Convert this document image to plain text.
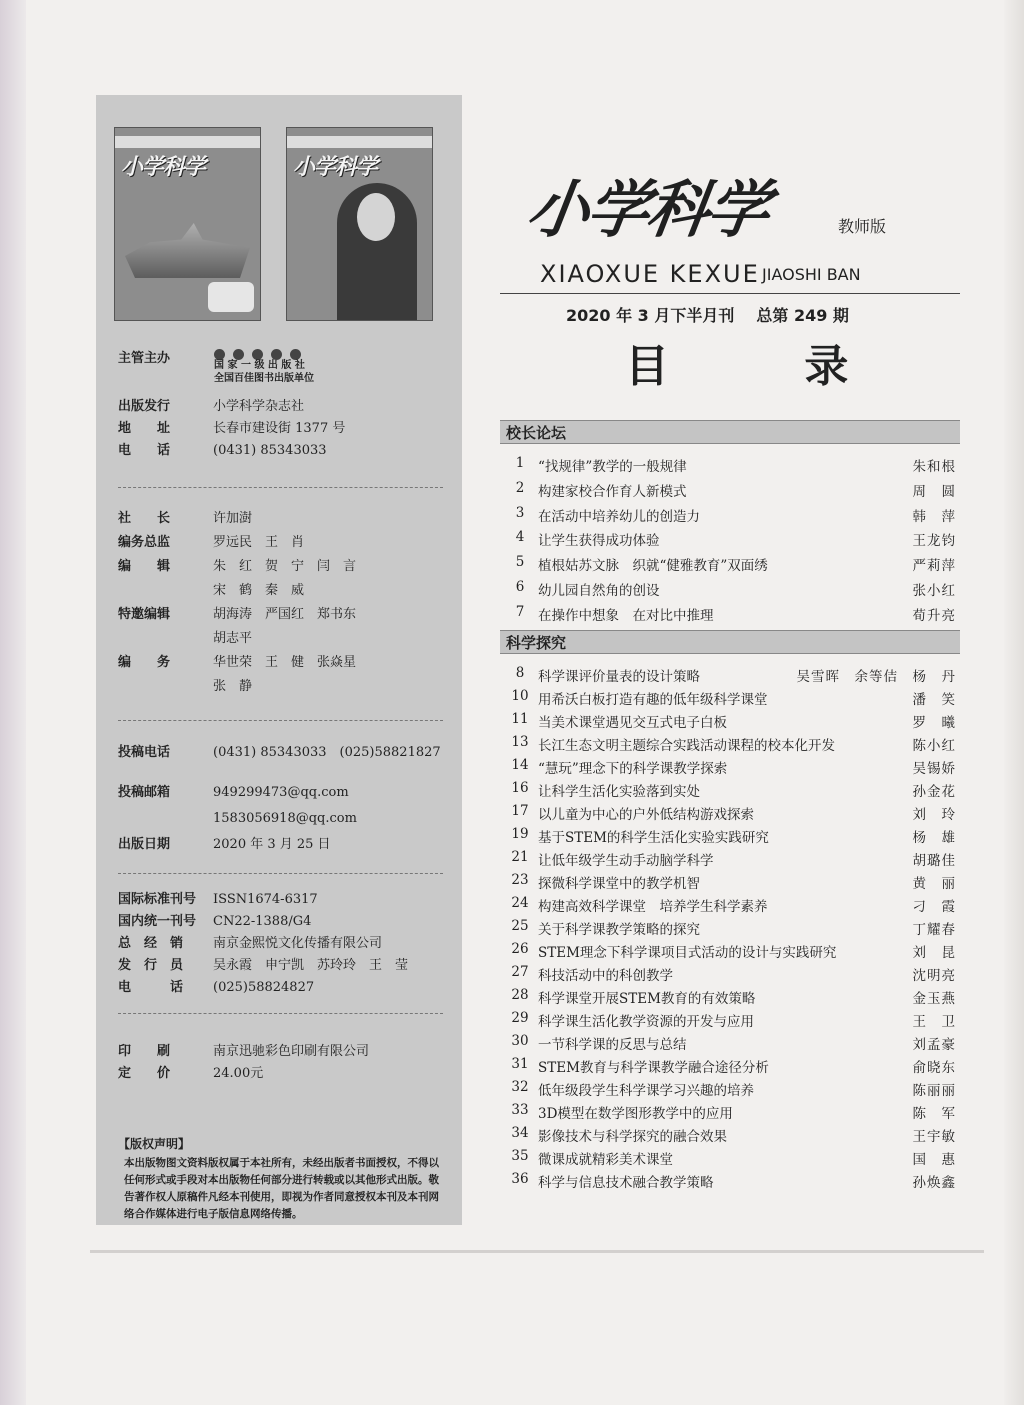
小学科学	小学科学
主管主办	国 家 一 级 出 版 社
全国百佳图书出版单位
出版发行	小学科学杂志社
地　　址	长春市建设街 1377 号
电　　话	(0431) 85343033
社　　长	许加澍
编务总监	罗远民　王　肖
编　　辑	朱　红　贺　宁　闫　言
宋　鹤　秦　威
特邀编辑	胡海涛　严国红　郑书东
胡志平
编　　务	华世荣　王　健　张焱星
张　静
投稿电话	(0431) 85343033　(025)58821827
投稿邮箱	949299473@qq.com
1583056918@qq.com
出版日期	2020 年 3 月 25 日
国际标准刊号 ISSN1674-6317
国内统一刊号 CN22-1388/G4
总　经　销 南京金熙悦文化传播有限公司
发　行　员 吴永霞　申宁凯　苏玲玲　王　莹
电　　　话 (025)58824827
印　　刷	南京迅驰彩色印刷有限公司
定　　价	24.00元
【版权声明】
本出版物图文资料版权属于本社所有，未经出版者书面授权，不得以任何形式或手段对本出版物任何部分进行转载或以其他形式出版。敬告著作权人原稿件凡经本刊使用，即视为作者同意授权本刊及本刊网络合作媒体进行电子版信息网络传播。
小学科学	教师版
XIAOXUE KEXUE JIAOSHI BAN
2020 年 3 月下半月刊 总第 249 期
目 录
校长论坛
科学探究
1	“找规律”教学的一般规律	朱和根
2	构建家校合作育人新模式	周　圆
3	在活动中培养幼儿的创造力	韩　萍
4	让学生获得成功体验	王龙钧
5	植根姑苏文脉　织就“健雅教育”双面绣	严莉萍
6	幼儿园自然角的创设	张小红
7	在操作中想象　在对比中推理	荀升亮
8	科学课评价量表的设计策略	吴雪晖　余等佶　杨　丹
10 用希沃白板打造有趣的低年级科学课堂	潘　笑
11 当美术课堂遇见交互式电子白板	罗　曦
13 长江生态文明主题综合实践活动课程的校本化开发	陈小红
14 “慧玩”理念下的科学课教学探索	吴锡娇
16 让科学生活化实验落到实处	孙金花
17 以儿童为中心的户外低结构游戏探索	刘　玲
19 基于STEM的科学生活化实验实践研究	杨　雄
21 让低年级学生动手动脑学科学	胡璐佳
23 探微科学课堂中的教学机智	黄　丽
24 构建高效科学课堂　培养学生科学素养	刁　霞
25 关于科学课教学策略的探究	丁耀春
26 STEM理念下科学课项目式活动的设计与实践研究	刘　昆
27 科技活动中的科创教学	沈明亮
28 科学课堂开展STEM教育的有效策略	金玉燕
29 科学课生活化教学资源的开发与应用	王　卫
30 一节科学课的反思与总结	刘孟豪
31 STEM教育与科学课教学融合途径分析	俞晓东
32 低年级段学生科学课学习兴趣的培养	陈丽丽
33 3D模型在数学图形教学中的应用	陈　军
34 影像技术与科学探究的融合效果	王宇敏
35 微课成就精彩美术课堂	国　惠
36 科学与信息技术融合教学策略	孙焕鑫
